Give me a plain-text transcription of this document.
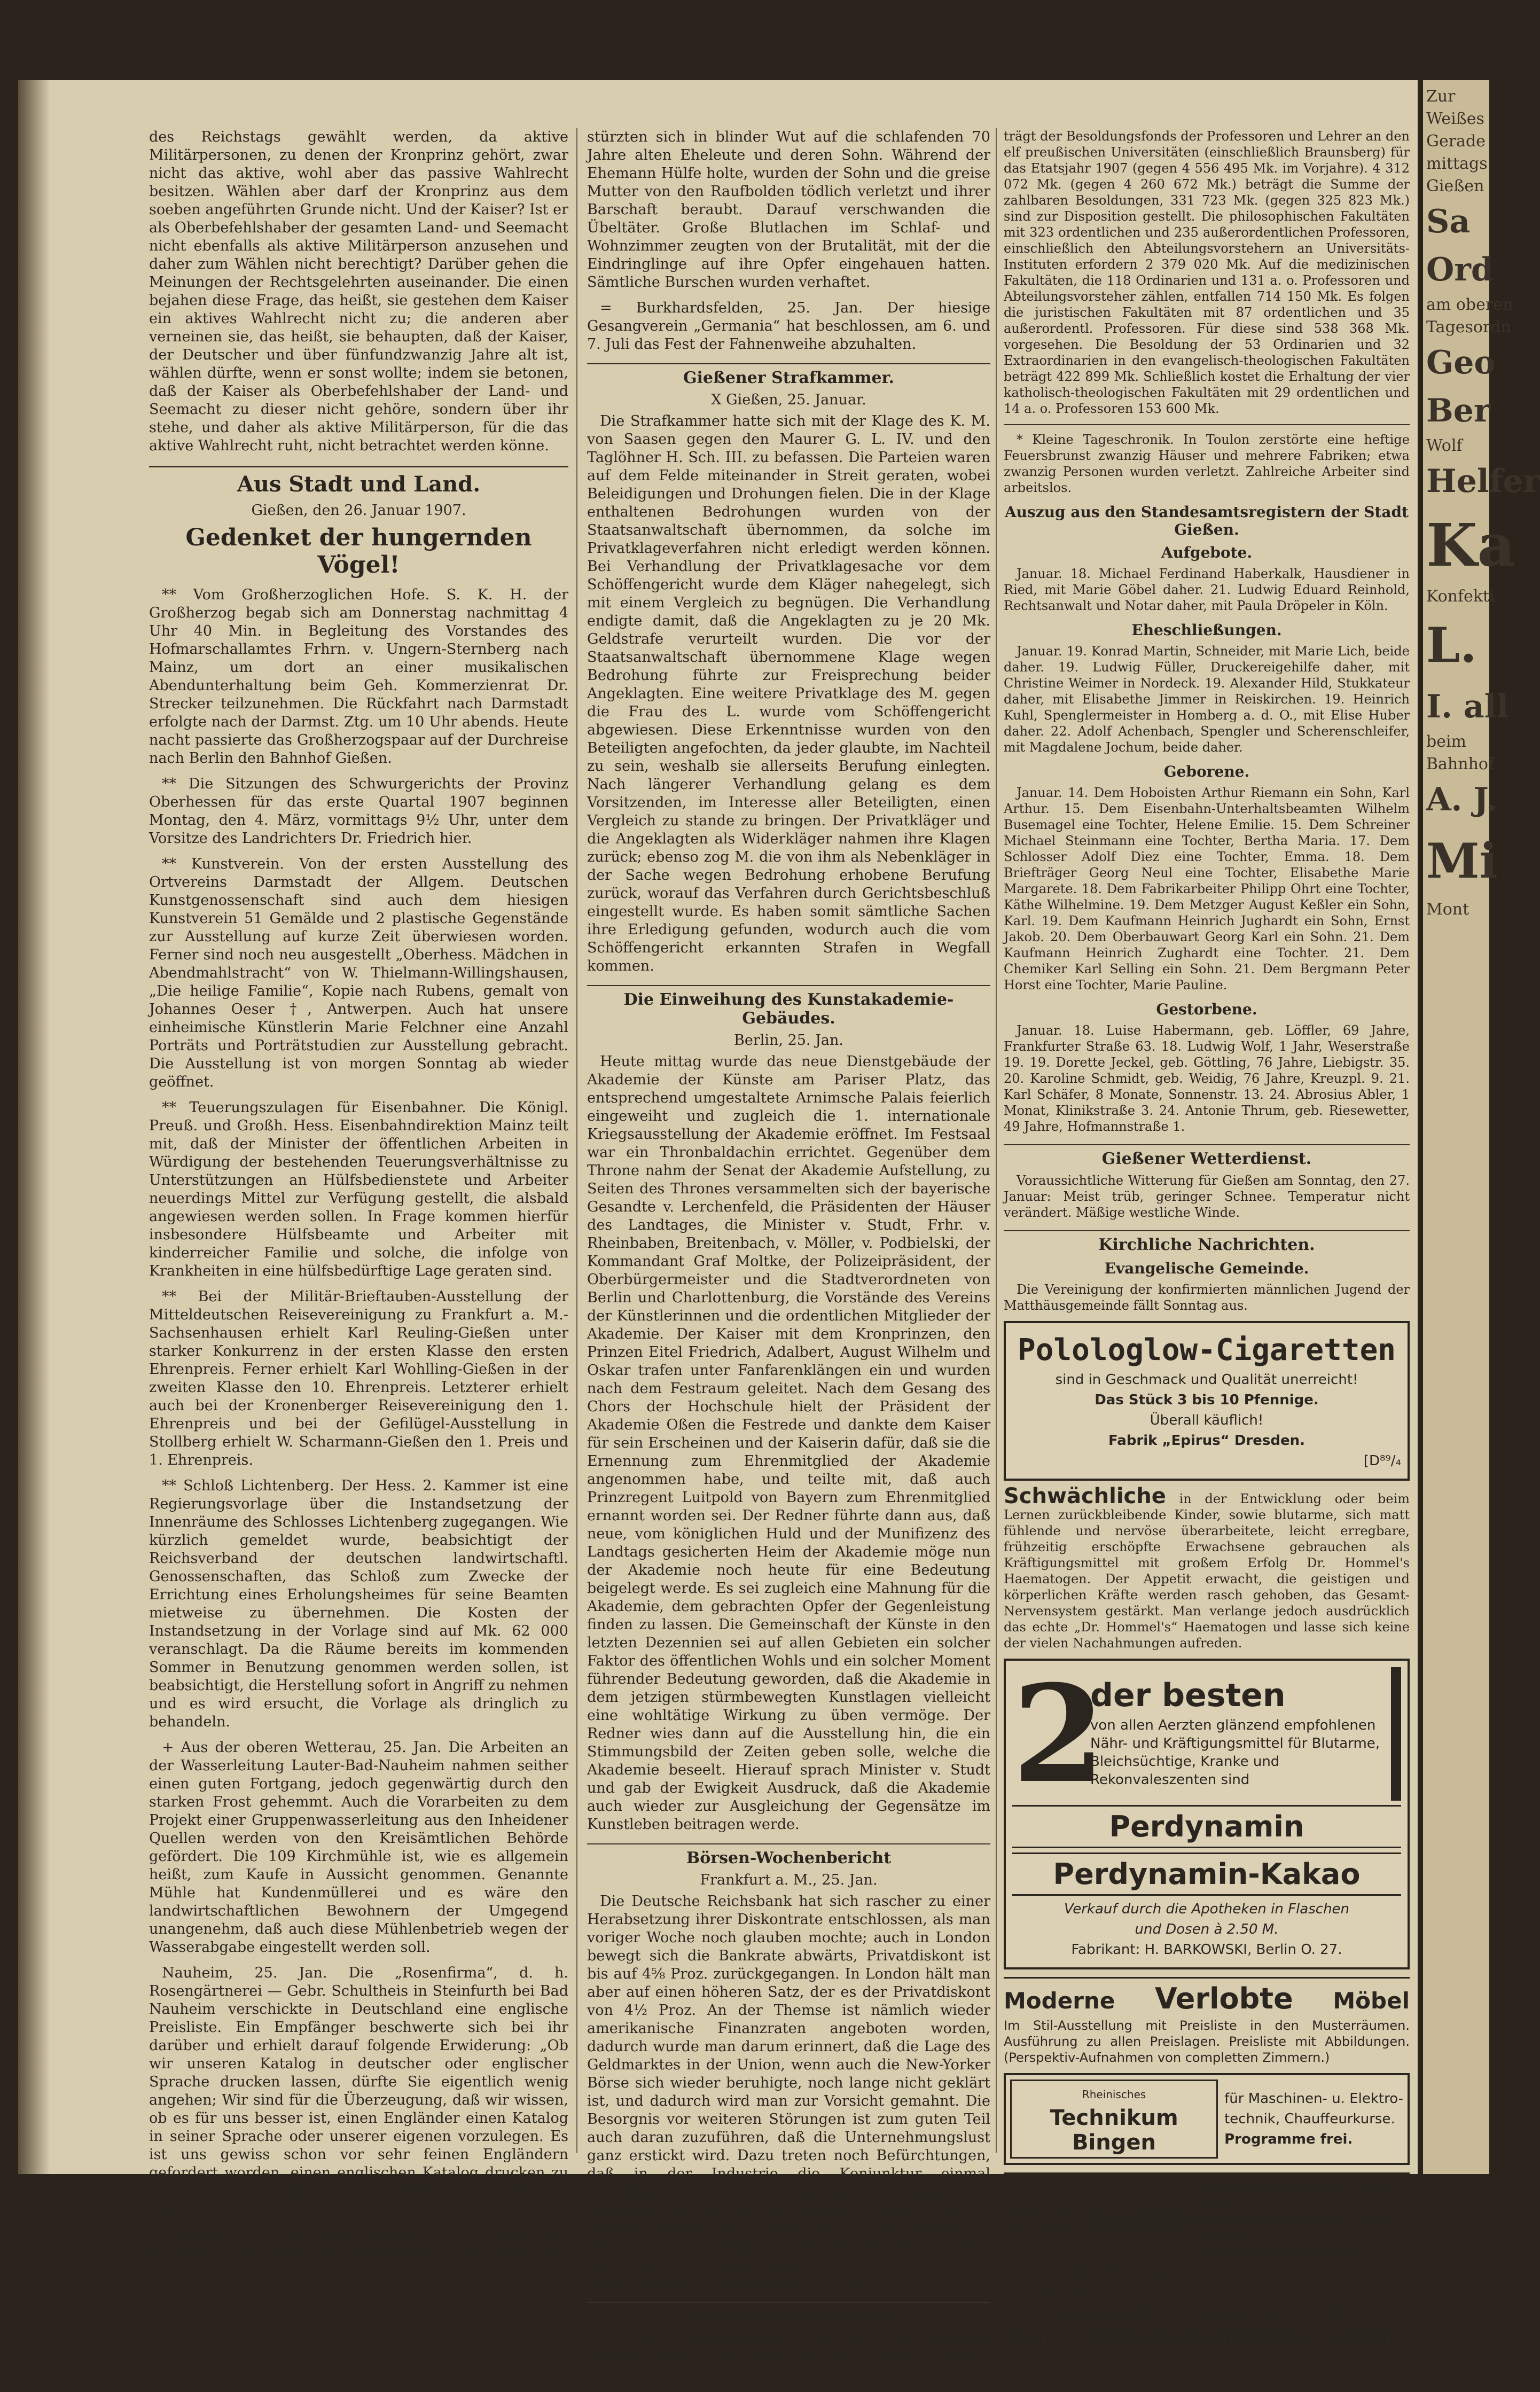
des Reichstags gewählt werden, da aktive Militärpersonen, zu denen der Kronprinz gehört, zwar nicht das aktive, wohl aber das passive Wahlrecht besitzen. Wählen aber darf der Kronprinz aus dem soeben angeführten Grunde nicht. Und der Kaiser? Ist er als Oberbefehlshaber der gesamten Land- und Seemacht nicht ebenfalls als aktive Militärperson anzusehen und daher zum Wählen nicht berechtigt? Darüber gehen die Meinungen der Rechtsgelehrten auseinander. Die einen bejahen diese Frage, das heißt, sie gestehen dem Kaiser ein aktives Wahlrecht nicht zu; die anderen aber verneinen sie, das heißt, sie behaupten, daß der Kaiser, der Deutscher und über fünfundzwanzig Jahre alt ist, wählen dürfte, wenn er sonst wollte; indem sie betonen, daß der Kaiser als Oberbefehlshaber der Land- und Seemacht zu dieser nicht gehöre, sondern über ihr stehe, und daher als aktive Militärperson, für die das aktive Wahlrecht ruht, nicht betrachtet werden könne.

Aus Stadt und Land.
Gießen, den 26. Januar 1907.
Gedenket der hungernden Vögel!

** Vom Großherzoglichen Hofe. S. K. H. der Großherzog begab sich am Donnerstag nachmittag 4 Uhr 40 Min. in Begleitung des Vorstandes des Hofmarschallamtes Frhrn. v. Ungern-Sternberg nach Mainz, um dort an einer musikalischen Abendunterhaltung beim Geh. Kommerzienrat Dr. Strecker teilzunehmen. Die Rückfahrt nach Darmstadt erfolgte nach der Darmst. Ztg. um 10 Uhr abends. Heute nacht passierte das Großherzogspaar auf der Durchreise nach Berlin den Bahnhof Gießen.

** Die Sitzungen des Schwurgerichts der Provinz Oberhessen für das erste Quartal 1907 beginnen Montag, den 4. März, vormittags 9½ Uhr, unter dem Vorsitze des Landrichters Dr. Friedrich hier.

** Kunstverein. Von der ersten Ausstellung des Ortvereins Darmstadt der Allgem. Deutschen Kunstgenossenschaft sind auch dem hiesigen Kunstverein 51 Gemälde und 2 plastische Gegenstände zur Ausstellung auf kurze Zeit überwiesen worden. Ferner sind noch neu ausgestellt „Oberhess. Mädchen in Abendmahlstracht“ von W. Thielmann-Willingshausen, „Die heilige Familie“, Kopie nach Rubens, gemalt von Johannes Oeser †, Antwerpen. Auch hat unsere einheimische Künstlerin Marie Felchner eine Anzahl Porträts und Porträtstudien zur Ausstellung gebracht. Die Ausstellung ist von morgen Sonntag ab wieder geöffnet.

** Teuerungszulagen für Eisenbahner. Die Königl. Preuß. und Großh. Hess. Eisenbahndirektion Mainz teilt mit, daß der Minister der öffentlichen Arbeiten in Würdigung der bestehenden Teuerungsverhältnisse zu Unterstützungen an Hülfsbedienstete und Arbeiter neuerdings Mittel zur Verfügung gestellt, die alsbald angewiesen werden sollen. In Frage kommen hierfür insbesondere Hülfsbeamte und Arbeiter mit kinderreicher Familie und solche, die infolge von Krankheiten in eine hülfsbedürftige Lage geraten sind.

** Bei der Militär-Brieftauben-Ausstellung der Mitteldeutschen Reisevereinigung zu Frankfurt a. M.-Sachsenhausen erhielt Karl Reuling-Gießen unter starker Konkurrenz in der ersten Klasse den ersten Ehrenpreis. Ferner erhielt Karl Wohlling-Gießen in der zweiten Klasse den 10. Ehrenpreis. Letzterer erhielt auch bei der Kronenberger Reisevereinigung den 1. Ehrenpreis und bei der Gefilügel-Ausstellung in Stollberg erhielt W. Scharmann-Gießen den 1. Preis und 1. Ehrenpreis.

** Schloß Lichtenberg. Der Hess. 2. Kammer ist eine Regierungsvorlage über die Instandsetzung der Innenräume des Schlosses Lichtenberg zugegangen. Wie kürzlich gemeldet wurde, beabsichtigt der Reichsverband der deutschen landwirtschaftl. Genossenschaften, das Schloß zum Zwecke der Errichtung eines Erholungsheimes für seine Beamten mietweise zu übernehmen. Die Kosten der Instandsetzung in der Vorlage sind auf Mk. 62 000 veranschlagt. Da die Räume bereits im kommenden Sommer in Benutzung genommen werden sollen, ist beabsichtigt, die Herstellung sofort in Angriff zu nehmen und es wird ersucht, die Vorlage als dringlich zu behandeln.

+ Aus der oberen Wetterau, 25. Jan. Die Arbeiten an der Wasserleitung Lauter-Bad-Nauheim nahmen seither einen guten Fortgang, jedoch gegenwärtig durch den starken Frost gehemmt. Auch die Vorarbeiten zu dem Projekt einer Gruppenwasserleitung aus den Inheidener Quellen werden von den Kreisämtlichen Behörde gefördert. Die 109 Kirchmühle ist, wie es allgemein heißt, zum Kaufe in Aussicht genommen. Genannte Mühle hat Kundenmüllerei und es wäre den landwirtschaftlichen Bewohnern der Umgegend unangenehm, daß auch diese Mühlenbetrieb wegen der Wasserabgabe eingestellt werden soll.

Nauheim, 25. Jan. Die „Rosenfirma“, d. h. Rosengärtnerei — Gebr. Schultheis in Steinfurth bei Bad Nauheim verschickte in Deutschland eine englische Preisliste. Ein Empfänger beschwerte sich bei ihr darüber und erhielt darauf folgende Erwiderung: „Ob wir unseren Katalog in deutscher oder englischer Sprache drucken lassen, dürfte Sie eigentlich wenig angehen; Wir sind für die Überzeugung, daß wir wissen, ob es für uns besser ist, einen Engländer einen Katalog in seiner Sprache oder unserer eigenen vorzulegen. Es ist uns gewiss schon vor sehr feinen Engländern gefordert worden, einen englischen Katalog drucken zu lassen und Sie tagen uns das Gegenteil. Wir glauben dies nicht.“

Herborn, 25. Jan. Hier drangen neun betrunkene Burschen in die Wohnung des Weißenstellers Zeller und

stürzten sich in blinder Wut auf die schlafenden 70 Jahre alten Eheleute und deren Sohn. Während der Ehemann Hülfe holte, wurden der Sohn und die greise Mutter von den Raufbolden tödlich verletzt und ihrer Barschaft beraubt. Darauf verschwanden die Übeltäter. Große Blutlachen im Schlaf- und Wohnzimmer zeugten von der Brutalität, mit der die Eindringlinge auf ihre Opfer eingehauen hatten. Sämtliche Burschen wurden verhaftet.

= Burkhardsfelden, 25. Jan. Der hiesige Gesangverein „Germania“ hat beschlossen, am 6. und 7. Juli das Fest der Fahnenweihe abzuhalten.

Gießener Strafkammer.
X Gießen, 25. Januar.

Die Strafkammer hatte sich mit der Klage des K. M. von Saasen gegen den Maurer G. L. IV. und den Taglöhner H. Sch. III. zu befassen. Die Parteien waren auf dem Felde miteinander in Streit geraten, wobei Beleidigungen und Drohungen fielen. Die in der Klage enthaltenen Bedrohungen wurden von der Staatsanwaltschaft übernommen, da solche im Privatklageverfahren nicht erledigt werden können. Bei Verhandlung der Privatklagesache vor dem Schöffengericht wurde dem Kläger nahegelegt, sich mit einem Vergleich zu begnügen. Die Verhandlung endigte damit, daß die Angeklagten zu je 20 Mk. Geldstrafe verurteilt wurden. Die vor der Staatsanwaltschaft übernommene Klage wegen Bedrohung führte zur Freisprechung beider Angeklagten. Eine weitere Privatklage des M. gegen die Frau des L. wurde vom Schöffengericht abgewiesen. Diese Erkenntnisse wurden von den Beteiligten angefochten, da jeder glaubte, im Nachteil zu sein, weshalb sie allerseits Berufung einlegten. Nach längerer Verhandlung gelang es dem Vorsitzenden, im Interesse aller Beteiligten, einen Vergleich zu stande zu bringen. Der Privatkläger und die Angeklagten als Widerkläger nahmen ihre Klagen zurück; ebenso zog M. die von ihm als Nebenkläger in der Sache wegen Bedrohung erhobene Berufung zurück, worauf das Verfahren durch Gerichtsbeschluß eingestellt wurde. Es haben somit sämtliche Sachen ihre Erledigung gefunden, wodurch auch die vom Schöffengericht erkannten Strafen in Wegfall kommen.

Die Einweihung des Kunstakademie-Gebäudes.
Berlin, 25. Jan.

Heute mittag wurde das neue Dienstgebäude der Akademie der Künste am Pariser Platz, das entsprechend umgestaltete Arnimsche Palais feierlich eingeweiht und zugleich die 1. internationale Kriegsausstellung der Akademie eröffnet. Im Festsaal war ein Thronbaldachin errichtet. Gegenüber dem Throne nahm der Senat der Akademie Aufstellung, zu Seiten des Thrones versammelten sich der bayerische Gesandte v. Lerchenfeld, die Präsidenten der Häuser des Landtages, die Minister v. Studt, Frhr. v. Rheinbaben, Breitenbach, v. Möller, v. Podbielski, der Kommandant Graf Moltke, der Polizeipräsident, der Oberbürgermeister und die Stadtverordneten von Berlin und Charlottenburg, die Vorstände des Vereins der Künstlerinnen und die ordentlichen Mitglieder der Akademie. Der Kaiser mit dem Kronprinzen, den Prinzen Eitel Friedrich, Adalbert, August Wilhelm und Oskar trafen unter Fanfarenklängen ein und wurden nach dem Festraum geleitet. Nach dem Gesang des Chors der Hochschule hielt der Präsident der Akademie Oßen die Festrede und dankte dem Kaiser für sein Erscheinen und der Kaiserin dafür, daß sie die Ernennung zum Ehrenmitglied der Akademie angenommen habe, und teilte mit, daß auch Prinzregent Luitpold von Bayern zum Ehrenmitglied ernannt worden sei. Der Redner führte dann aus, daß neue, vom königlichen Huld und der Munifizenz des Landtags gesicherten Heim der Akademie möge nun der Akademie noch heute für eine Bedeutung beigelegt werde. Es sei zugleich eine Mahnung für die Akademie, dem gebrachten Opfer der Gegenleistung finden zu lassen. Die Gemeinschaft der Künste in den letzten Dezennien sei auf allen Gebieten ein solcher Faktor des öffentlichen Wohls und ein solcher Moment führender Bedeutung geworden, daß die Akademie in dem jetzigen stürmbewegten Kunstlagen vielleicht eine wohltätige Wirkung zu üben vermöge. Der Redner wies dann auf die Ausstellung hin, die ein Stimmungsbild der Zeiten geben solle, welche die Akademie beseelt. Hierauf sprach Minister v. Studt und gab der Ewigkeit Ausdruck, daß die Akademie auch wieder zur Ausgleichung der Gegensätze im Kunstleben beitragen werde.

Börsen-Wochenbericht
Frankfurt a. M., 25. Jan.

Die Deutsche Reichsbank hat sich rascher zu einer Herabsetzung ihrer Diskontrate entschlossen, als man voriger Woche noch glauben mochte; auch in London bewegt sich die Bankrate abwärts, Privatdiskont ist bis auf 4⅝ Proz. zurückgegangen. In London hält man aber auf einen höheren Satz, der es der Privatdiskont von 4½ Proz. An der Themse ist nämlich wieder amerikanische Finanzraten angeboten worden, dadurch wurde man darum erinnert, daß die Lage des Geldmarktes in der Union, wenn auch die New-Yorker Börse sich wieder beruhigte, noch lange nicht geklärt ist, und dadurch wird man zur Vorsicht gemahnt. Die Besorgnis vor weiteren Störungen ist zum guten Teil auch daran zuzuführen, daß die Unternehmungslust ganz erstickt wird. Dazu treten noch Befürchtungen, daß in der Industrie die Konjunktur einmal umschlagen könnte. Zwar lag der Arbeitsmarkt im Vergleich zum Vorjahre noch immer günstig, und die Eisenbahneinnahmen haben sich gut angelassen, wenn auch die Steigerung der Einnahmen aus dem Güterverkehr weniger groß war als im November vorigen Jahres. Sonntag den 27. Januar.

Universitäts-Nachrichten.

— Die Bewilligungen an den preußischen Universitäten für das Etatsjahr 1907. 4 643 736 Mk. be-

trägt der Besoldungsfonds der Professoren und Lehrer an den elf preußischen Universitäten (einschließlich Braunsberg) für das Etatsjahr 1907 (gegen 4 556 495 Mk. im Vorjahre). 4 312 072 Mk. (gegen 4 260 672 Mk.) beträgt die Summe der zahlbaren Besoldungen, 331 723 Mk. (gegen 325 823 Mk.) sind zur Disposition gestellt. Die philosophischen Fakultäten mit 323 ordentlichen und 235 außerordentlichen Professoren, einschließlich den Abteilungsvorstehern an Universitäts-Instituten erfordern 2 379 020 Mk. Auf die medizinischen Fakultäten, die 118 Ordinarien und 131 a. o. Professoren und Abteilungsvorsteher zählen, entfallen 714 150 Mk. Es folgen die juristischen Fakultäten mit 87 ordentlichen und 35 außerordentl. Professoren. Für diese sind 538 368 Mk. vorgesehen. Die Besoldung der 53 Ordinarien und 32 Extraordinarien in den evangelisch-theologischen Fakultäten beträgt 422 899 Mk. Schließlich kostet die Erhaltung der vier katholisch-theologischen Fakultäten mit 29 ordentlichen und 14 a. o. Professoren 153 600 Mk.

* Kleine Tageschronik. In Toulon zerstörte eine heftige Feuersbrunst zwanzig Häuser und mehrere Fabriken; etwa zwanzig Personen wurden verletzt. Zahlreiche Arbeiter sind arbeitslos.

Auszug aus den Standesamtsregistern der Stadt Gießen.
Aufgebote.

Januar. 18. Michael Ferdinand Haberkalk, Hausdiener in Ried, mit Marie Göbel daher. 21. Ludwig Eduard Reinhold, Rechtsanwalt und Notar daher, mit Paula Dröpeler in Köln.

Eheschließungen.

Januar. 19. Konrad Martin, Schneider, mit Marie Lich, beide daher. 19. Ludwig Füller, Druckereigehilfe daher, mit Christine Weimer in Nordeck. 19. Alexander Hild, Stukkateur daher, mit Elisabethe Jimmer in Reiskirchen. 19. Heinrich Kuhl, Spenglermeister in Homberg a. d. O., mit Elise Huber daher. 22. Adolf Achenbach, Spengler und Scherenschleifer, mit Magdalene Jochum, beide daher.

Geborene.

Januar. 14. Dem Hoboisten Arthur Riemann ein Sohn, Karl Arthur. 15. Dem Eisenbahn-Unterhaltsbeamten Wilhelm Busemagel eine Tochter, Helene Emilie. 15. Dem Schreiner Michael Steinmann eine Tochter, Bertha Maria. 17. Dem Schlosser Adolf Diez eine Tochter, Emma. 18. Dem Briefträger Georg Neul eine Tochter, Elisabethe Marie Margarete. 18. Dem Fabrikarbeiter Philipp Ohrt eine Tochter, Käthe Wilhelmine. 19. Dem Metzger August Keßler ein Sohn, Karl. 19. Dem Kaufmann Heinrich Jughardt ein Sohn, Ernst Jakob. 20. Dem Oberbauwart Georg Karl ein Sohn. 21. Dem Kaufmann Heinrich Zughardt eine Tochter. 21. Dem Chemiker Karl Selling ein Sohn. 21. Dem Bergmann Peter Horst eine Tochter, Marie Pauline.

Gestorbene.

Januar. 18. Luise Habermann, geb. Löffler, 69 Jahre, Frankfurter Straße 63. 18. Ludwig Wolf, 1 Jahr, Weserstraße 19. 19. Dorette Jeckel, geb. Göttling, 76 Jahre, Liebigstr. 35. 20. Karoline Schmidt, geb. Weidig, 76 Jahre, Kreuzpl. 9. 21. Karl Schäfer, 8 Monate, Sonnenstr. 13. 24. Abrosius Abler, 1 Monat, Klinikstraße 3. 24. Antonie Thrum, geb. Riesewetter, 49 Jahre, Hofmannstraße 1.

Gießener Wetterdienst.

Voraussichtliche Witterung für Gießen am Sonntag, den 27. Januar: Meist trüb, geringer Schnee. Temperatur nicht verändert. Mäßige westliche Winde.

Kirchliche Nachrichten.
Evangelische Gemeinde.

Die Vereinigung der konfirmierten männlichen Jugend der Matthäusgemeinde fällt Sonntag aus.

Polologlow-Cigaretten
sind in Geschmack und Qualität unerreicht!
Das Stück 3 bis 10 Pfennige.
Überall käuflich!
Fabrik „Epirus“ Dresden.
[D⁸⁹/₄

Schwächliche in der Entwicklung oder beim Lernen zurückbleibende Kinder, sowie blutarme, sich matt fühlende und nervöse überarbeitete, leicht erregbare, frühzeitig erschöpfte Erwachsene gebrauchen als Kräftigungsmittel mit großem Erfolg Dr. Hommel's Haematogen. Der Appetit erwacht, die geistigen und körperlichen Kräfte werden rasch gehoben, das Gesamt-Nervensystem gestärkt. Man verlange jedoch ausdrücklich das echte „Dr. Hommel's“ Haematogen und lasse sich keine der vielen Nachahmungen aufreden.

2
der besten
von allen Aerzten glänzend empfohlenen Nähr- und Kräftigungsmittel für Blutarme, Bleichsüchtige, Kranke und Rekonvaleszenten sind
Perdynamin
Perdynamin-Kakao
Verkauf durch die Apotheken in Flaschen
und Dosen à 2.50 M.
Fabrikant: H. BARKOWSKI, Berlin O. 27.
Moderne Verlobte Möbel
Im Stil-Ausstellung mit Preisliste in den Musterräumen. Ausführung zu allen Preislagen. Preisliste mit Abbildungen. (Perspektiv-Aufnahmen von completten Zimmern.)
Rheinisches
Technikum Bingen
für Maschinen- u. Elektro-
technik, Chauffeurkurse.
Programme frei.
Die nach-
stehenden Aerzte
sind Sonntag, den 27. Jan. vor
12 Uhr mittags bis 12 Uhr nachts
für Notfälle anwesend:
Dr. Markwald, Seltersweg 58 II. - Dr. Richter, Frankf. Str. 41. - Dr. Stuhl, Bahnhofstr. 26.
Sonntag, den 27. Januar von 4—9 Uhr
Nur Hirsch-Apotheke offen.
Zur
Weißes
Gerade
mittags
Gießen
Sa
Ord
am oberen
Tagesordn
Geo
Ber
Wolf
Helfer
Ka
Konfekti
L.
I. all
beim
Bahnhof
A. J.
Mi
Mont
